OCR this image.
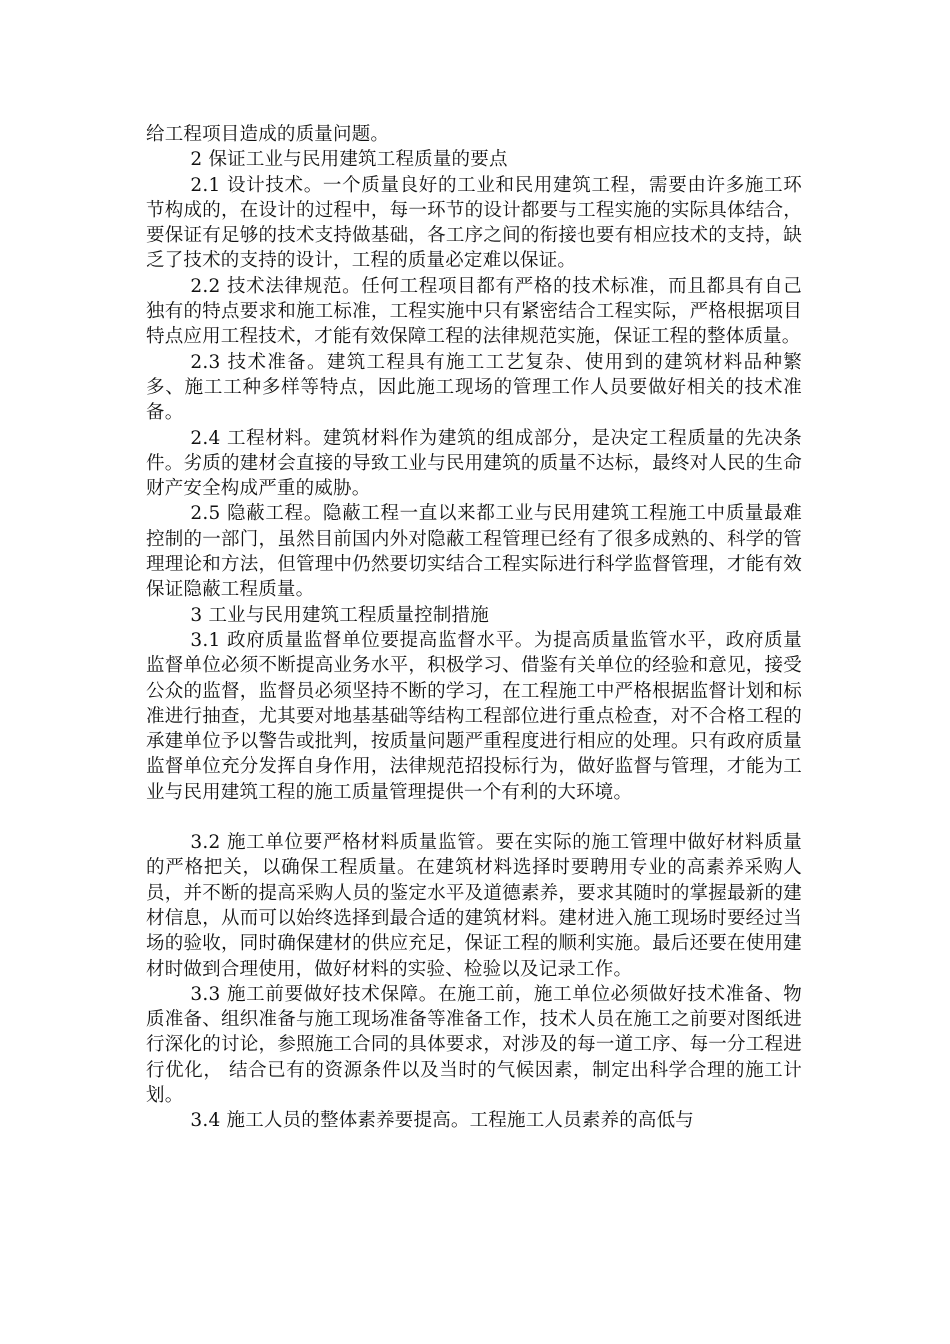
给工程项目造成的质量问题。

2 保证工业与民用建筑工程质量的要点

2.1 设计技术。一个质量良好的工业和民用建筑工程，需要由许多施工环节构成的，在设计的过程中，每一环节的设计都要与工程实施的实际具体结合，要保证有足够的技术支持做基础，各工序之间的衔接也要有相应技术的支持，缺乏了技术的支持的设计，工程的质量必定难以保证。

2.2 技术法律规范。任何工程项目都有严格的技术标准，而且都具有自己独有的特点要求和施工标准，工程实施中只有紧密结合工程实际，严格根据项目特点应用工程技术，才能有效保障工程的法律规范实施，保证工程的整体质量。

2.3 技术准备。建筑工程具有施工工艺复杂、使用到的建筑材料品种繁多、施工工种多样等特点，因此施工现场的管理工作人员要做好相关的技术准备。

2.4 工程材料。建筑材料作为建筑的组成部分，是决定工程质量的先决条件。劣质的建材会直接的导致工业与民用建筑的质量不达标，最终对人民的生命财产安全构成严重的威胁。

2.5 隐蔽工程。隐蔽工程一直以来都工业与民用建筑工程施工中质量最难控制的一部门，虽然目前国内外对隐蔽工程管理已经有了很多成熟的、科学的管理理论和方法，但管理中仍然要切实结合工程实际进行科学监督管理，才能有效保证隐蔽工程质量。

3 工业与民用建筑工程质量控制措施

3.1 政府质量监督单位要提高监督水平。为提高质量监管水平，政府质量监督单位必须不断提高业务水平，积极学习、借鉴有关单位的经验和意见，接受公众的监督，监督员必须坚持不断的学习，在工程施工中严格根据监督计划和标准进行抽查，尤其要对地基基础等结构工程部位进行重点检查，对不合格工程的承建单位予以警告或批判，按质量问题严重程度进行相应的处理。只有政府质量监督单位充分发挥自身作用，法律规范招投标行为，做好监督与管理，才能为工业与民用建筑工程的施工质量管理提供一个有利的大环境。

3.2 施工单位要严格材料质量监管。要在实际的施工管理中做好材料质量的严格把关，以确保工程质量。在建筑材料选择时要聘用专业的高素养采购人员，并不断的提高采购人员的鉴定水平及道德素养，要求其随时的掌握最新的建材信息，从而可以始终选择到最合适的建筑材料。建材进入施工现场时要经过当场的验收，同时确保建材的供应充足，保证工程的顺利实施。最后还要在使用建材时做到合理使用，做好材料的实验、检验以及记录工作。

3.3 施工前要做好技术保障。在施工前，施工单位必须做好技术准备、物质准备、组织准备与施工现场准备等准备工作，技术人员在施工之前要对图纸进行深化的讨论，参照施工合同的具体要求，对涉及的每一道工序、每一分工程进行优化， 结合已有的资源条件以及当时的气候因素，制定出科学合理的施工计划。

3.4 施工人员的整体素养要提高。工程施工人员素养的高低与
